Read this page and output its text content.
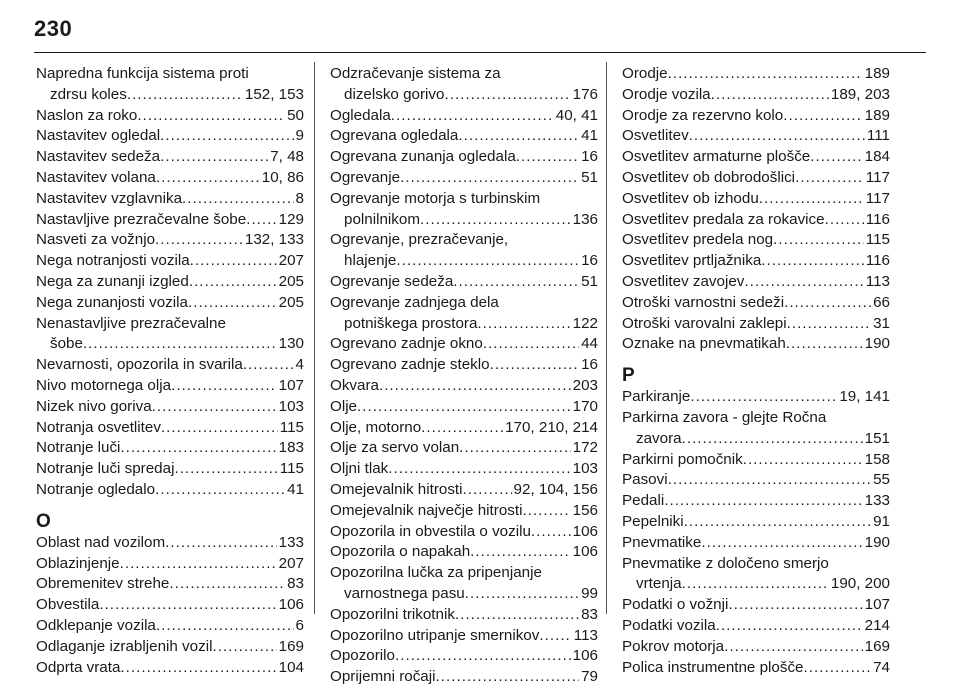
230
Napredna funkcija sistema proti
zdrsu koles . . .	152, 153
Naslon za roko . . .	50
Nastavitev ogledal . . .	9
Nastavitev sedeža . . .	7, 48
Nastavitev volana . . .	10, 86
Nastavitev vzglavnika . . .	8
Nastavljive prezračevalne šobe . . . 129
Nasveti za vožnjo . . .	132, 133
Nega notranjosti vozila . . .	207
Nega za zunanji izgled . . .	205
Nega zunanjosti vozila . . .	205
Nenastavljive prezračevalne
šobe . . .	130
Nevarnosti, opozorila in svarila . . .	4
Nivo motornega olja . . .	107
Nizek nivo goriva . . .	103
Notranja osvetlitev . . .	115
Notranje luči . . .	183
Notranje luči spredaj . . .	115
Notranje ogledalo . . .	41
O
Oblast nad vozilom . . .	133
Oblazinjenje . . .	207
Obremenitev strehe . . .	83
Obvestila . . .	106
Odklepanje vozila . . .	6
Odlaganje izrabljenih vozil . . .	169
Odprta vrata . . .	104
Odzračevanje sistema za
dizelsko gorivo . . .	176
Ogledala . . .	40, 41
Ogrevana ogledala . . .	41
Ogrevana zunanja ogledala . . .	16
Ogrevanje . . .	51
Ogrevanje motorja s turbinskim
polnilnikom . . .	136
Ogrevanje, prezračevanje,
hlajenje . . .	16
Ogrevanje sedeža . . .	51
Ogrevanje zadnjega dela
potniškega prostora . . .	122
Ogrevano zadnje okno . . .	44
Ogrevano zadnje steklo . . .	16
Okvara . . .	203
Olje . . .	170
Olje, motorno . . .	170, 210, 214
Olje za servo volan . . .	172
Oljni tlak . . .	103
Omejevalnik hitrosti . . .	92, 104, 156
Omejevalnik največje hitrosti . . .	156
Opozorila in obvestila o vozilu . . .	106
Opozorila o napakah . . .	106
Opozorilna lučka za pripenjanje
varnostnega pasu . . .	99
Opozorilni trikotnik . . .	83
Opozorilno utripanje smernikov . . . 113
Opozorilo . . .	106
Oprijemni ročaji . . .	79
Orodje . . .	189
Orodje vozila . . .	189, 203
Orodje za rezervno kolo . . .	189
Osvetlitev . . .	111
Osvetlitev armaturne plošče . . .	184
Osvetlitev ob dobrodošlici . . .	117
Osvetlitev ob izhodu . . .	117
Osvetlitev predala za rokavice . . .	116
Osvetlitev predela nog . . .	115
Osvetlitev prtljažnika . . .	116
Osvetlitev zavojev . . .	113
Otroški varnostni sedeži . . .	66
Otroški varovalni zaklepi . . .	31
Oznake na pnevmatikah . . .	190
P
Parkiranje . . .	19, 141
Parkirna zavora - glejte Ročna
zavora . . .	151
Parkirni pomočnik . . .	158
Pasovi . . .	55
Pedali . . .	133
Pepelniki . . .	91
Pnevmatike . . .	190
Pnevmatike z določeno smerjo
vrtenja . . .	190, 200
Podatki o vožnji . . .	107
Podatki vozila . . .	214
Pokrov motorja . . .	169
Polica instrumentne plošče . . .	74
